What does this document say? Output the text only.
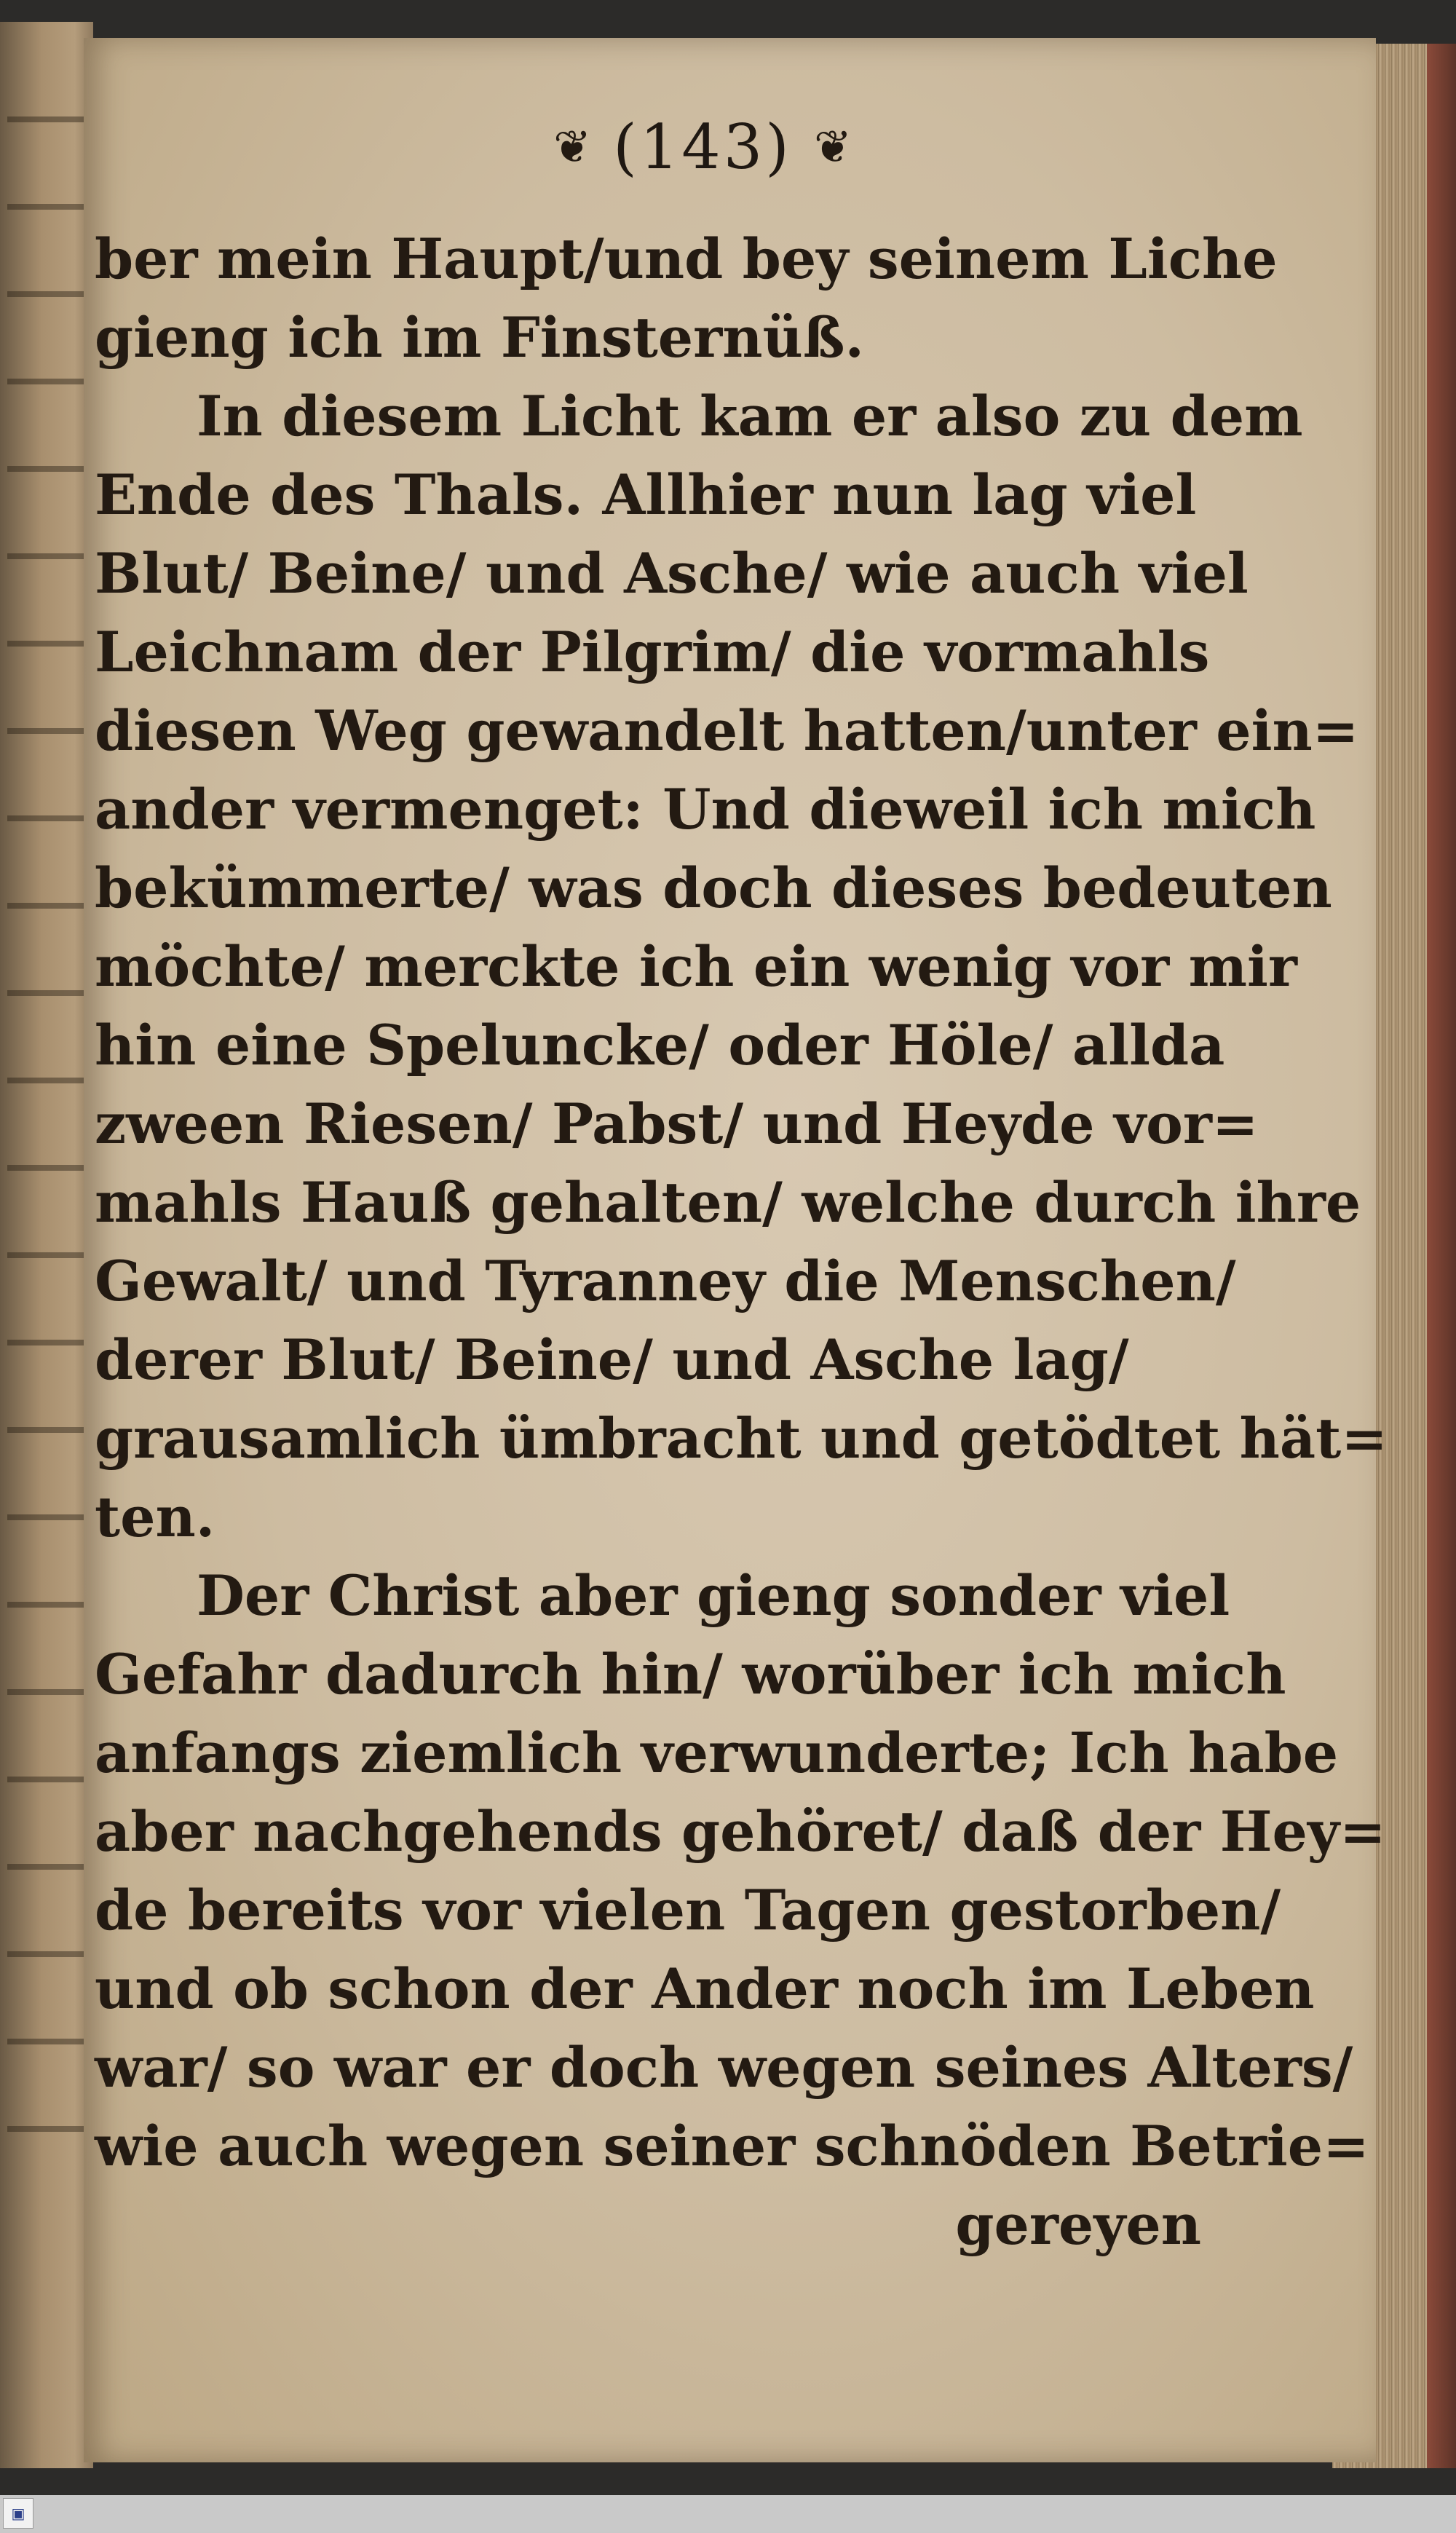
❦ (143) ❦
ber mein Haupt/und bey seinem Liche
gieng ich im Finsternüß.
In diesem Licht kam er also zu dem
Ende des Thals. Allhier nun lag viel
Blut/ Beine/ und Asche/ wie auch viel
Leichnam der Pilgrim/ die vormahls
diesen Weg gewandelt hatten/unter ein=
ander vermenget: Und dieweil ich mich
bekümmerte/ was doch dieses bedeuten
möchte/ merckte ich ein wenig vor mir
hin eine Speluncke/ oder Höle/ allda
zween Riesen/ Pabst/ und Heyde vor=
mahls Hauß gehalten/ welche durch ihre
Gewalt/ und Tyranney die Menschen/
derer Blut/ Beine/ und Asche lag/
grausamlich ümbracht und getödtet hät=
ten.
Der Christ aber gieng sonder viel
Gefahr dadurch hin/ worüber ich mich
anfangs ziemlich verwunderte; Ich habe
aber nachgehends gehöret/ daß der Hey=
de bereits vor vielen Tagen gestorben/
und ob schon der Ander noch im Leben
war/ so war er doch wegen seines Alters/
wie auch wegen seiner schnöden Betrie=
gereyen
▣
